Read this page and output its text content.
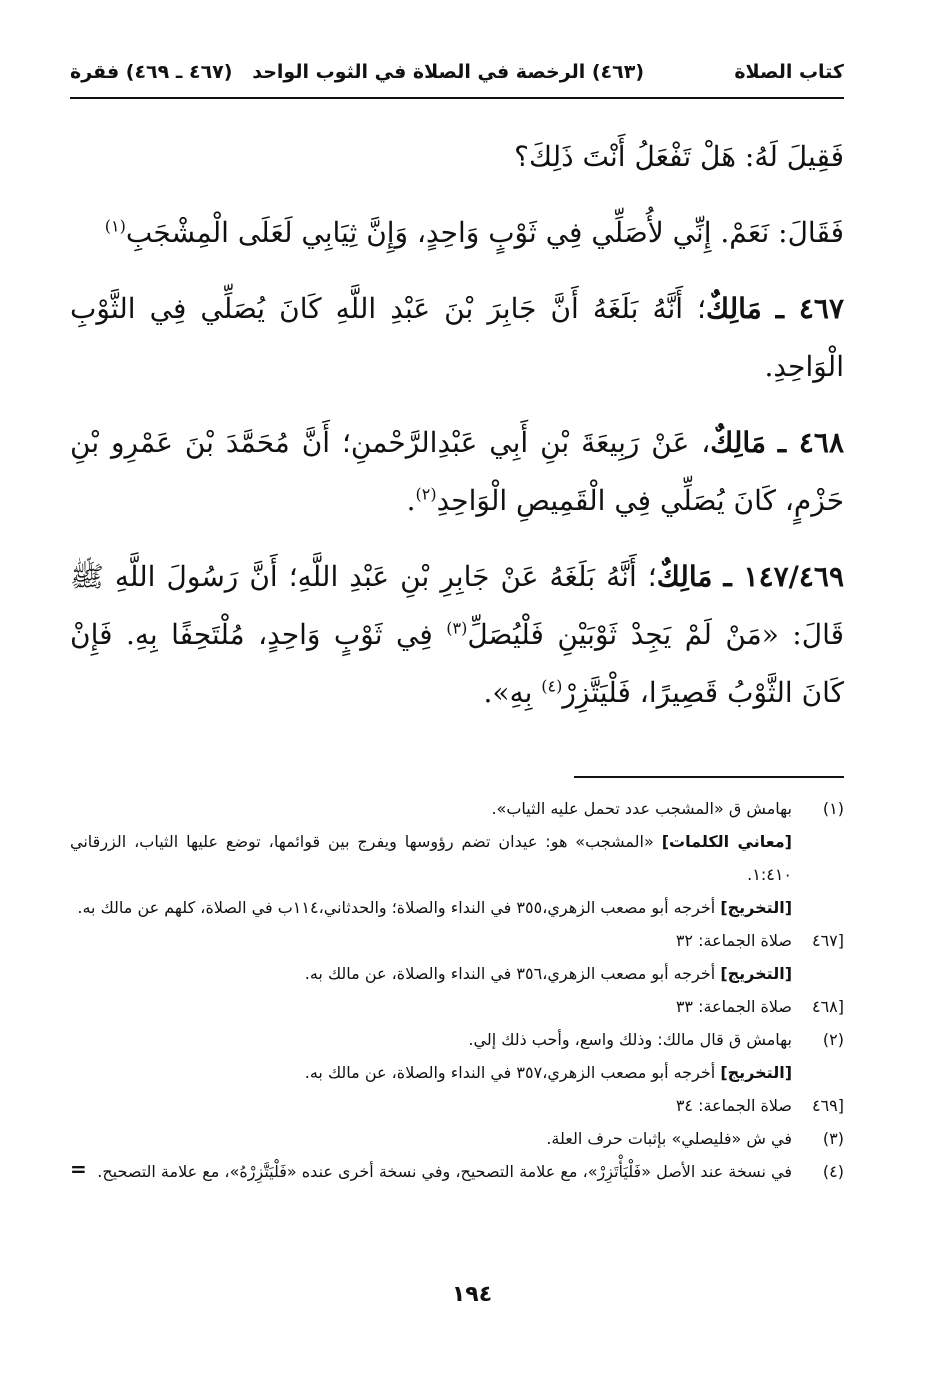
كتاب الصلاة
(٤٦٣) الرخصة في الصلاة في الثوب الواحد
(٤٦٧ ـ ٤٦٩) فقرة

فَقِيلَ لَهُ: هَلْ تَفْعَلُ أَنْتَ ذَلِكَ؟

فَقَالَ: نَعَمْ. إِنِّي لأُصَلِّي فِي ثَوْبٍ وَاحِدٍ، وَإِنَّ ثِيَابِي لَعَلَى الْمِشْجَبِ$^{(١)}$

٤٦٧ ـ مَالِكٌ؛ أَنَّهُ بَلَغَهُ أَنَّ جَابِرَ بْنَ عَبْدِ اللَّهِ كَانَ يُصَلِّي فِي الثَّوْبِ الْوَاحِدِ.

٤٦٨ ـ مَالِكٌ، عَنْ رَبِيعَةَ بْنِ أَبِي عَبْدِالرَّحْمنِ؛ أَنَّ مُحَمَّدَ بْنَ عَمْرِو بْنِ حَزْمٍ، كَانَ يُصَلِّي فِي الْقَمِيصِ الْوَاحِدِ$^{(٢)}$.

١٤٧/٤٦٩ ـ مَالِكٌ؛ أَنَّهُ بَلَغَهُ عَنْ جَابِرِ بْنِ عَبْدِ اللَّهِ؛ أَنَّ رَسُولَ اللَّهِ ﷺ قَالَ: «مَنْ لَمْ يَجِدْ ثَوْبَيْنِ فَلْيُصَلِّ$^{(٣)}$ فِي ثَوْبٍ وَاحِدٍ، مُلْتَحِفًا بِهِ. فَإِنْ كَانَ الثَّوْبُ قَصِيرًا، فَلْيَتَّزِرْ$^{(٤)}$ بِهِ».

(١)
بهامش ق «المشجب عدد تحمل عليه الثياب».
[معاني الكلمات] «المشجب» هو: عيدان تضم رؤوسها ويفرج بين قوائمها، توضع عليها الثياب، الزرقاني ١:٤١٠.
[التخريج] أخرجه أبو مصعب الزهري،٣٥٥ في النداء والصلاة؛ والحدثاني،١١٤ب في الصلاة، كلهم عن مالك به.
[٤٦٧
صلاة الجماعة: ٣٢
[التخريج] أخرجه أبو مصعب الزهري،٣٥٦ في النداء والصلاة، عن مالك به.
[٤٦٨
صلاة الجماعة: ٣٣
(٢)
بهامش ق قال مالك: وذلك واسع، وأحب ذلك إلي.
[التخريج] أخرجه أبو مصعب الزهري،٣٥٧ في النداء والصلاة، عن مالك به.
[٤٦٩
صلاة الجماعة: ٣٤
(٣)
في ش «فليصلي» بإثبات حرف العلة.
(٤)
في نسخة عند الأصل «فَلْيَأْتَزِرْ»، مع علامة التصحيح، وفي نسخة أخرى عنده «فَلْيَتَّزِرْهُ»، مع علامة التصحيح.
=
١٩٤
